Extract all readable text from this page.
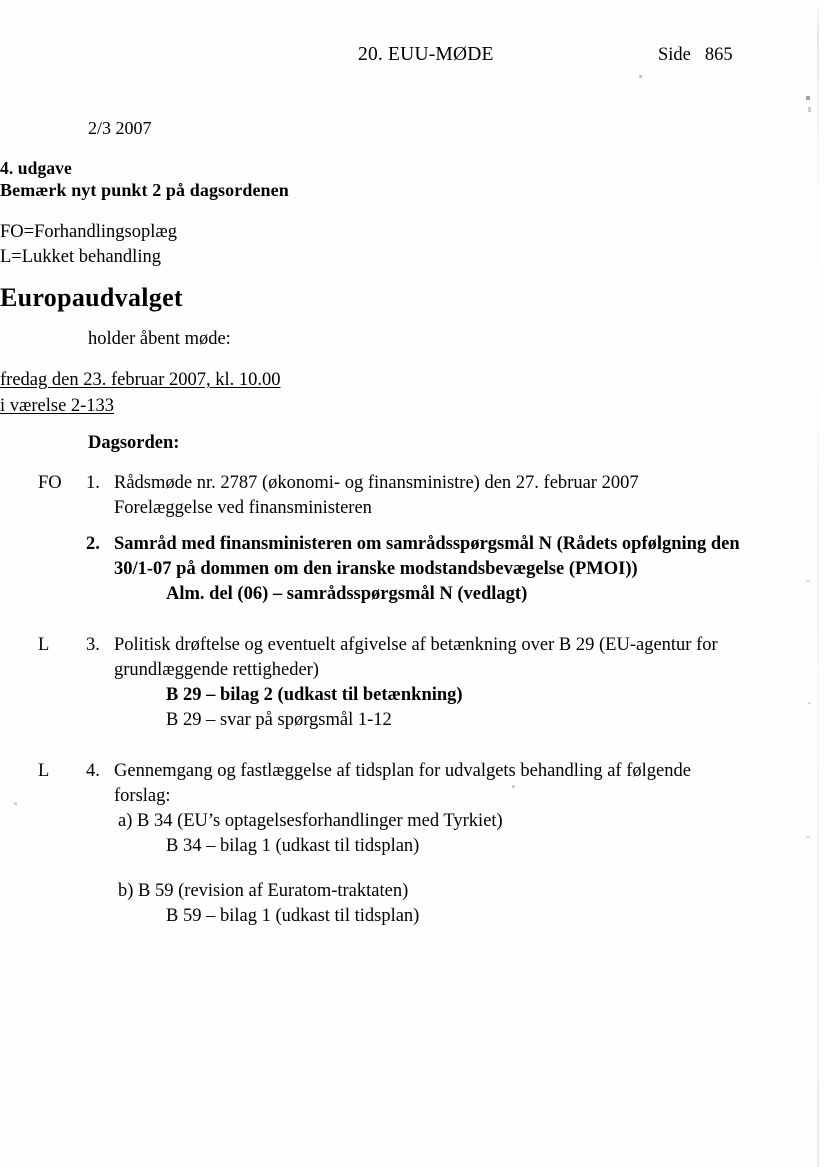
20. EUU-MØDE	Side 865
2/3 2007
4. udgave
Bemærk nyt punkt 2 på dagsordenen
FO=Forhandlingsoplæg
L=Lukket behandling
Europaudvalget
holder åbent møde:
fredag den 23. februar 2007, kl. 10.00
i værelse 2-133
Dagsorden:
FO	1. Rådsmøde nr. 2787 (økonomi- og finansministre) den 27. februar 2007
Forelæggelse ved finansministeren
2. Samråd med finansministeren om samrådsspørgsmål N (Rådets opfølgning den
30/1-07 på dommen om den iranske modstandsbevægelse (PMOI))
Alm. del (06) – samrådsspørgsmål N (vedlagt)
L	3. Politisk drøftelse og eventuelt afgivelse af betænkning over B 29 (EU-agentur for
grundlæggende rettigheder)
B 29 – bilag 2 (udkast til betænkning)
B 29 – svar på spørgsmål 1-12
L	4. Gennemgang og fastlæggelse af tidsplan for udvalgets behandling af følgende
forslag:
a) B 34 (EU’s optagelsesforhandlinger med Tyrkiet)
B 34 – bilag 1 (udkast til tidsplan)
b) B 59 (revision af Euratom-traktaten)
B 59 – bilag 1 (udkast til tidsplan)
